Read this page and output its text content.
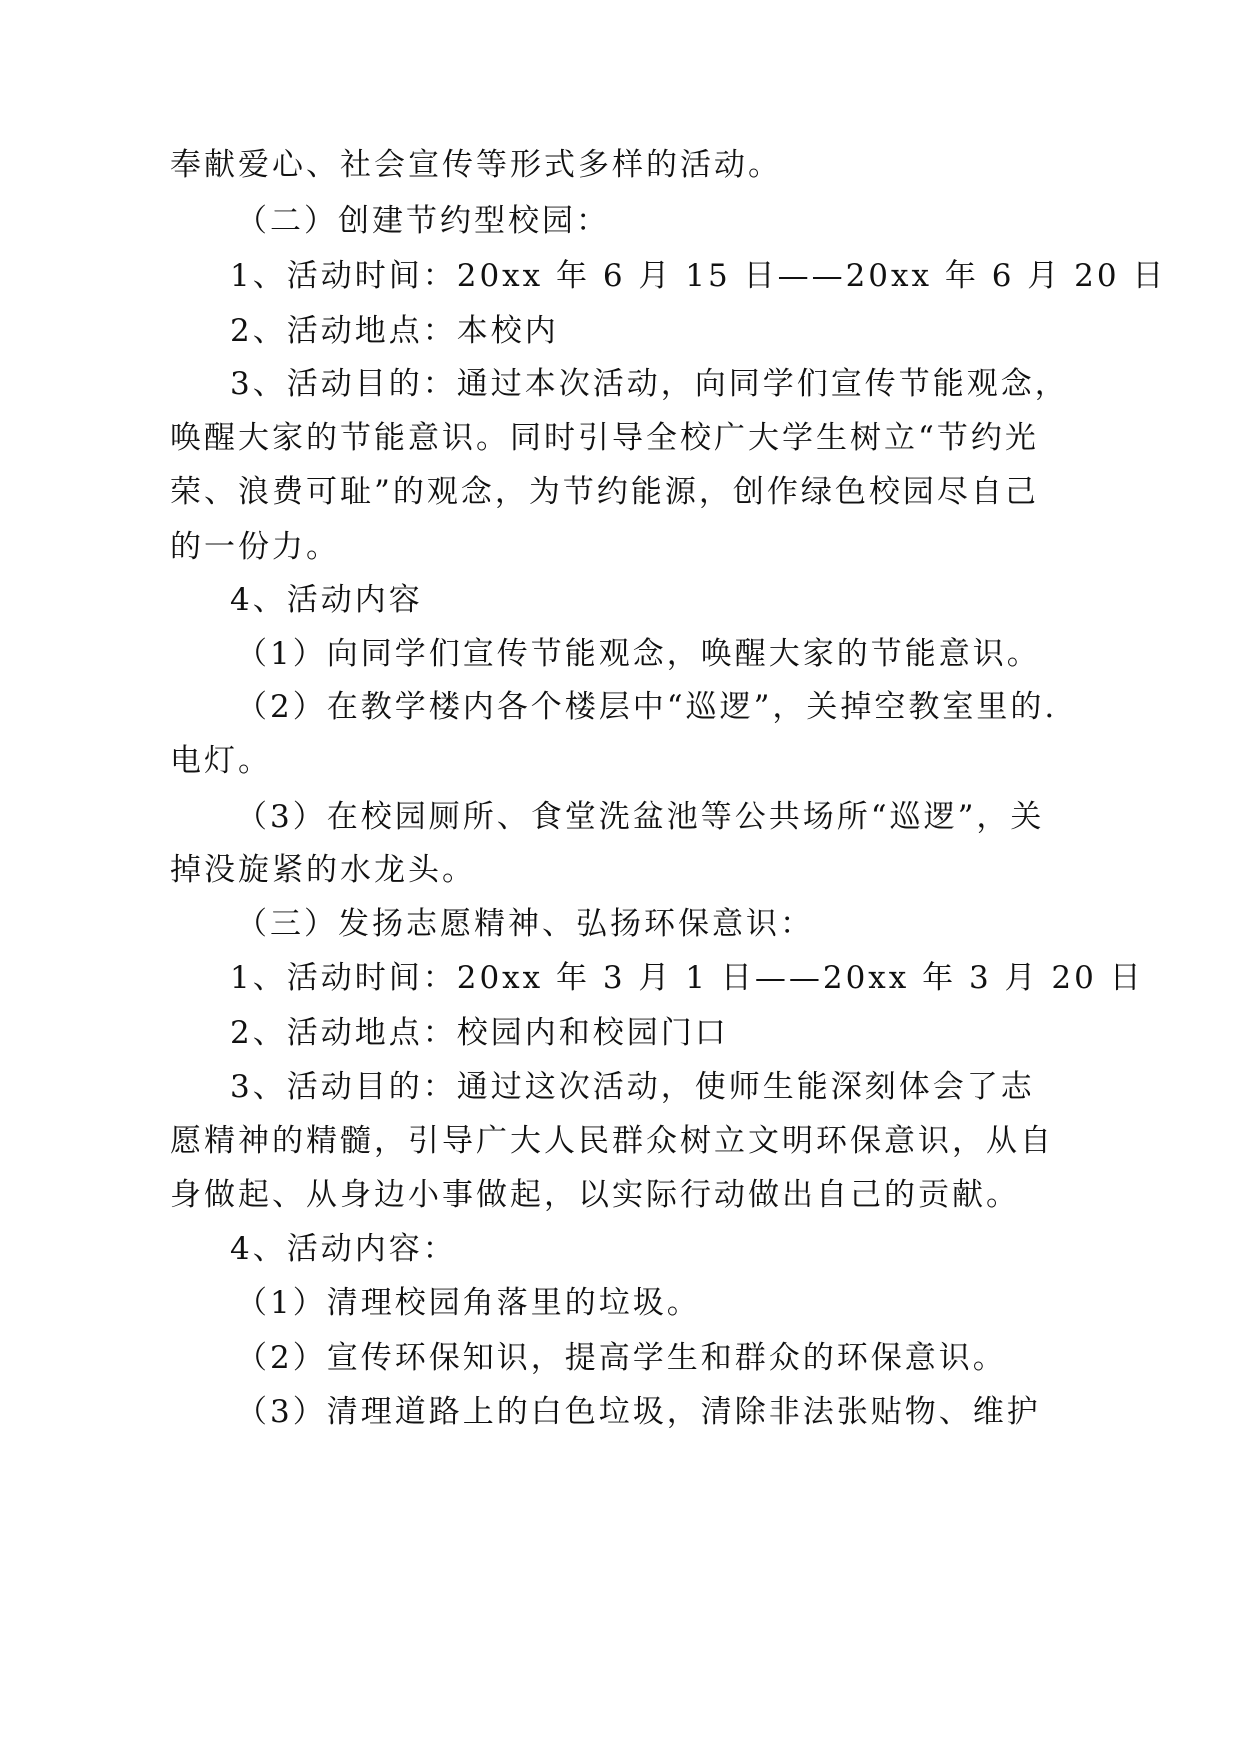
奉献爱心、社会宣传等形式多样的活动。
（二）创建节约型校园：
1、活动时间：20xx 年 6 月 15 日——20xx 年 6 月 20 日
2、活动地点：本校内
3、活动目的：通过本次活动，向同学们宣传节能观念，
唤醒大家的节能意识。同时引导全校广大学生树立“节约光
荣、浪费可耻”的观念，为节约能源，创作绿色校园尽自己
的一份力。
4、活动内容
（1）向同学们宣传节能观念，唤醒大家的节能意识。
（2）在教学楼内各个楼层中“巡逻”，关掉空教室里的.
电灯。
（3）在校园厕所、食堂洗盆池等公共场所“巡逻”，关
掉没旋紧的水龙头。
（三）发扬志愿精神、弘扬环保意识：
1、活动时间：20xx 年 3 月 1 日——20xx 年 3 月 20 日
2、活动地点：校园内和校园门口
3、活动目的：通过这次活动，使师生能深刻体会了志
愿精神的精髓，引导广大人民群众树立文明环保意识，从自
身做起、从身边小事做起，以实际行动做出自己的贡献。
4、活动内容：
（1）清理校园角落里的垃圾。
（2）宣传环保知识，提高学生和群众的环保意识。
（3）清理道路上的白色垃圾，清除非法张贴物、维护
